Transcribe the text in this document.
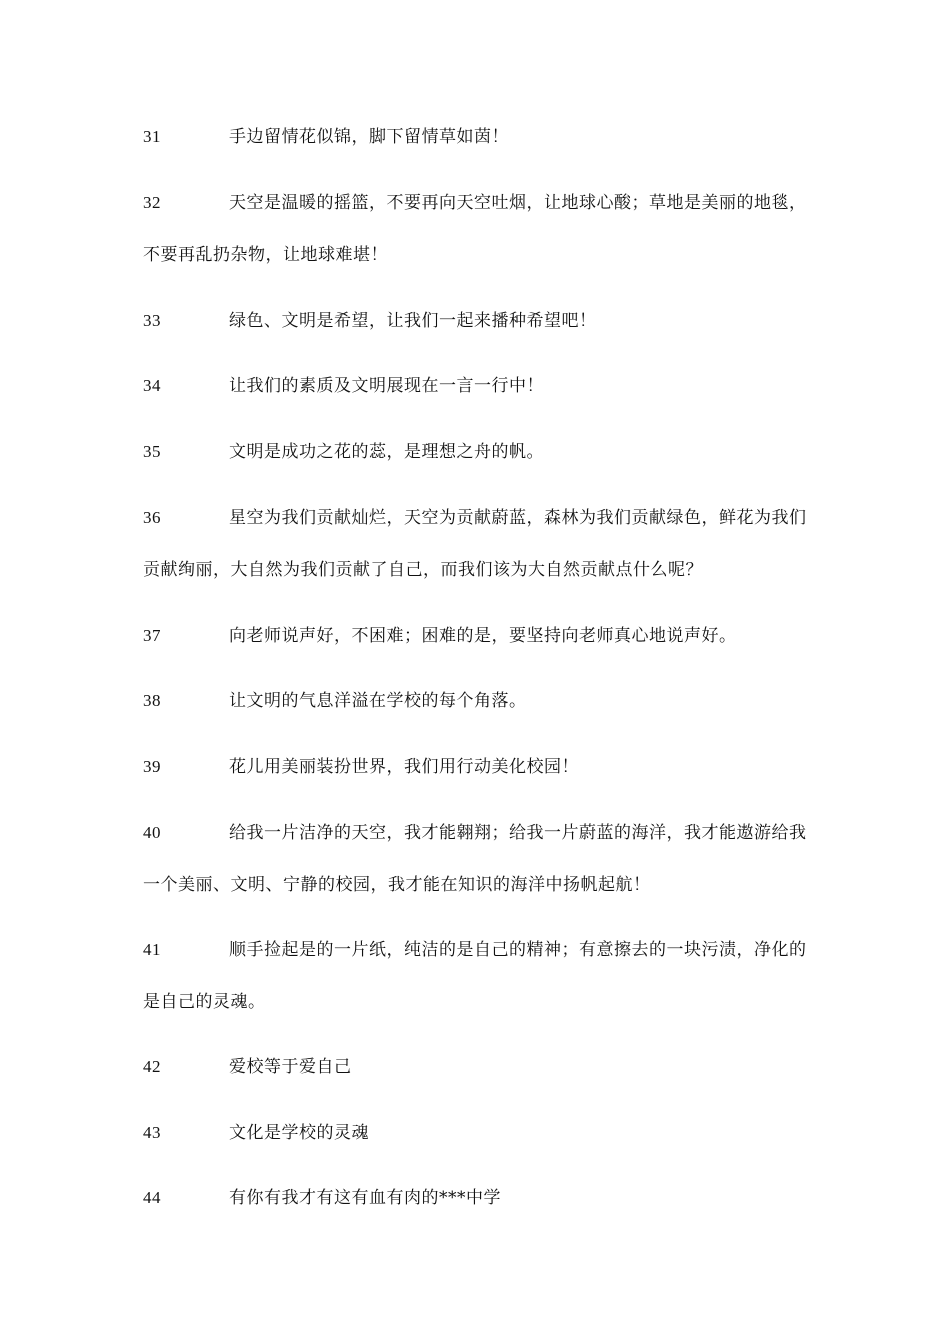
31	手边留情花似锦，脚下留情草如茵！
32	天空是温暖的摇篮，不要再向天空吐烟，让地球心酸；草地是美丽的地毯，不要再乱扔杂物，让地球难堪！
33	绿色、文明是希望，让我们一起来播种希望吧！
34	让我们的素质及文明展现在一言一行中！
35	文明是成功之花的蕊，是理想之舟的帆。
36	星空为我们贡献灿烂，天空为贡献蔚蓝，森林为我们贡献绿色，鲜花为我们贡献绚丽，大自然为我们贡献了自己，而我们该为大自然贡献点什么呢？
37	向老师说声好，不困难；困难的是，要坚持向老师真心地说声好。
38	让文明的气息洋溢在学校的每个角落。
39	花儿用美丽装扮世界，我们用行动美化校园！
40	给我一片洁净的天空，我才能翱翔；给我一片蔚蓝的海洋，我才能遨游给我一个美丽、文明、宁静的校园，我才能在知识的海洋中扬帆起航！
41	顺手捡起是的一片纸，纯洁的是自己的精神；有意擦去的一块污渍，净化的是自己的灵魂。
42	爱校等于爱自己
43	文化是学校的灵魂
44	有你有我才有这有血有肉的***中学
